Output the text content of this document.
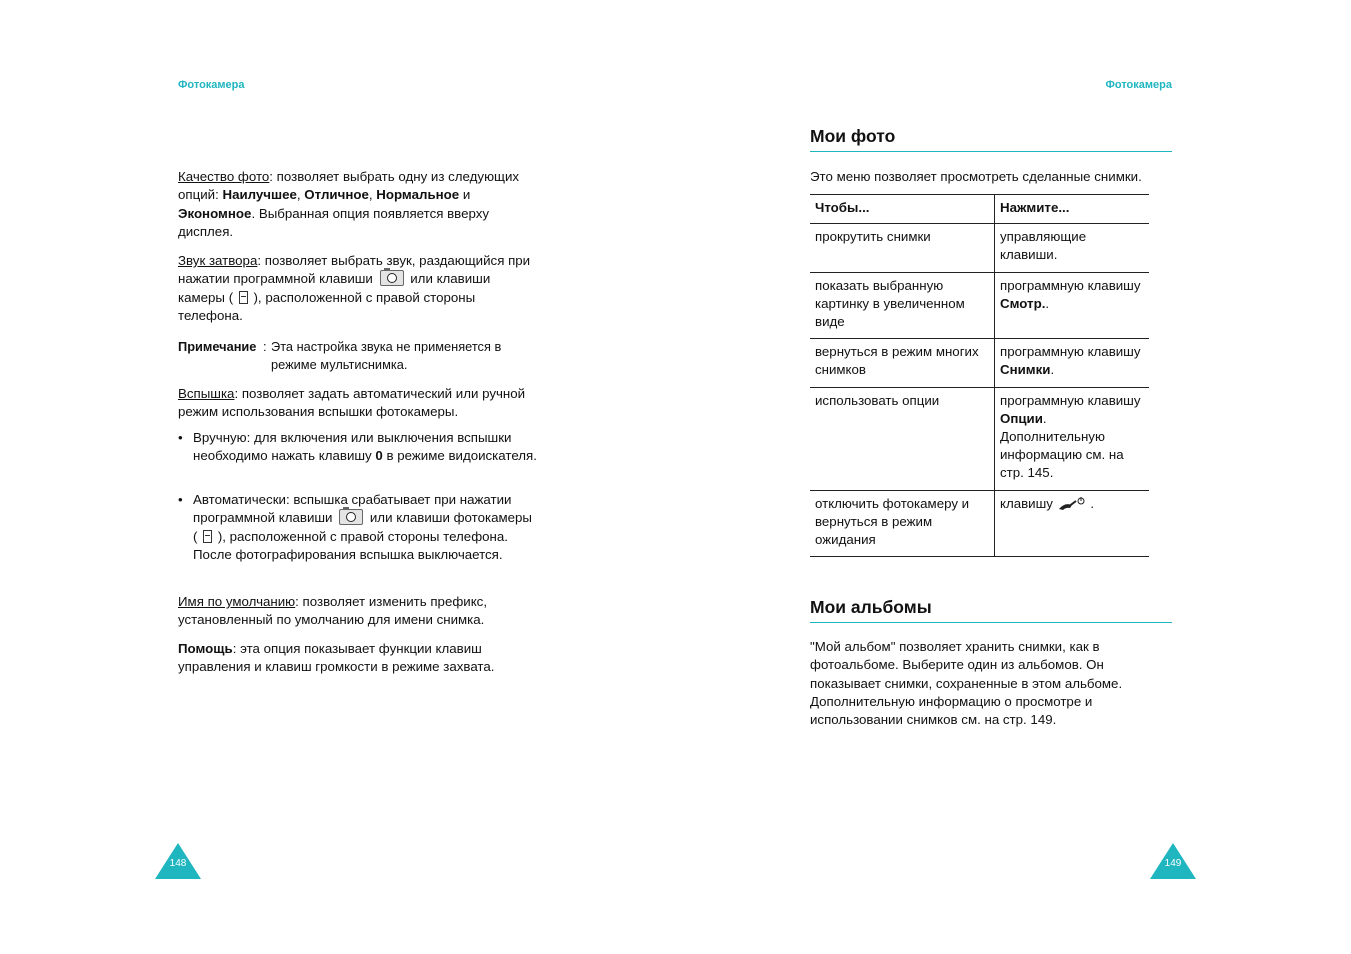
Фотокамера

Качество фото: позволяет выбрать одну из следующих опций: Наилучшее, Отличное, Нормальное и Экономное. Выбранная опция появляется вверху дисплея.

Звук затвора: позволяет выбрать звук, раздающийся при нажатии программной клавиши  или клавиши камеры (  ), расположенной с правой стороны телефона.

Примечание : Эта настройка звука не применяется в режиме мультиснимка.

Вспышка: позволяет задать автоматический или ручной режим использования вспышки фотокамеры.

• Вручную: для включения или выключения вспышки необходимо нажать клавишу 0 в режиме видоискателя.
• Автоматически: вспышка срабатывает при нажатии программной клавиши  или клавиши фотокамеры (  ), расположенной с правой стороны телефона. После фотографирования вспышка выключается.

Имя по умолчанию: позволяет изменить префикс, установленный по умолчанию для имени снимка.

Помощь: эта опция показывает функции клавиш управления и клавиш громкости в режиме захвата.

148
Фотокамера
Мои фото

Это меню позволяет просмотреть сделанные снимки.

Чтобы...	Нажмите...
прокрутить снимки	управляющие клавиши.
показать выбранную картинку в увеличенном виде	программную клавишу Смотр..
вернуться в режим многих снимков	программную клавишу Снимки.
использовать опции	программную клавишу Опции. Дополнительную информацию см. на стр. 145.
отключить фотокамеру и вернуться в режим ожидания	клавишу  .
Мои альбомы

"Мой альбом" позволяет хранить снимки, как в фотоальбоме. Выберите один из альбомов. Он показывает снимки, сохраненные в этом альбоме. Дополнительную информацию о просмотре и использовании снимков см. на стр. 149.

149
